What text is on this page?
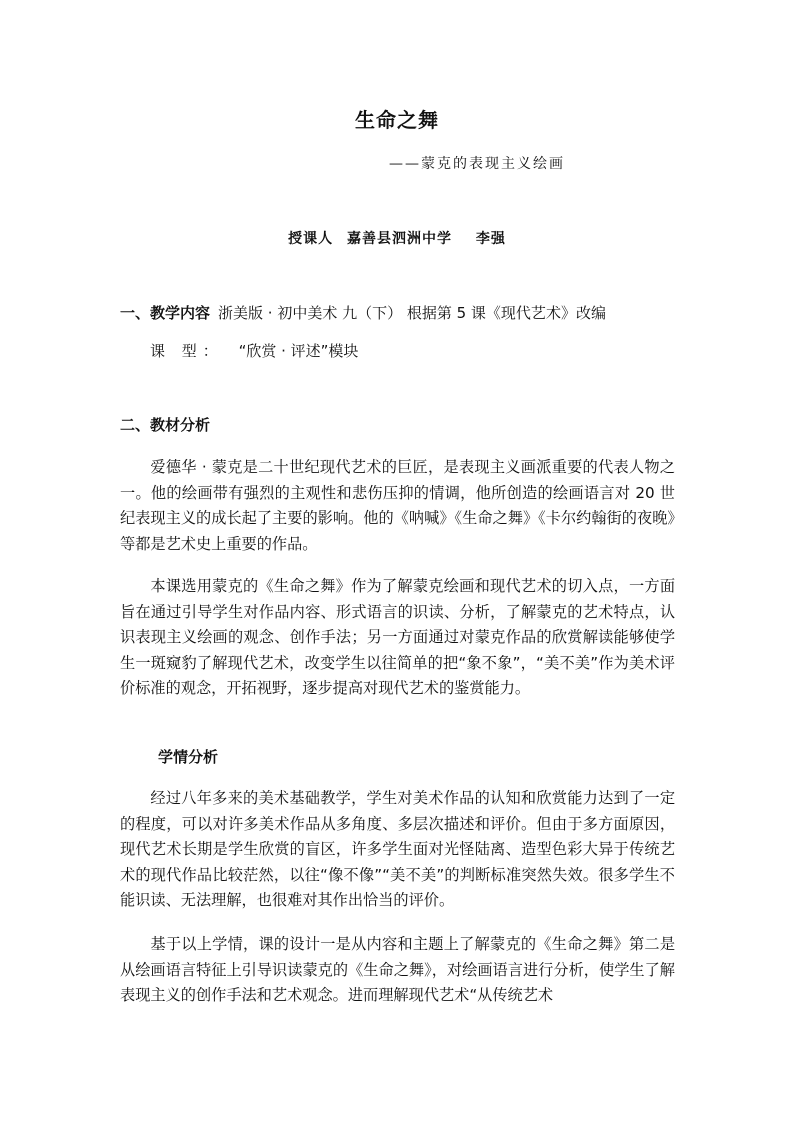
生命之舞
——蒙克的表现主义绘画
授课人 嘉善县泗洲中学 李强
一、教学内容 浙美版 · 初中美术 九（下） 根据第 5 课《现代艺术》改编
课 型： “欣赏 · 评述”模块
二、教材分析

爱德华 · 蒙克是二十世纪现代艺术的巨匠，是表现主义画派重要的代表人物之一。他的绘画带有强烈的主观性和悲伤压抑的情调，他所创造的绘画语言对 20 世纪表现主义的成长起了主要的影响。他的《呐喊》《生命之舞》《卡尔约翰街的夜晚》等都是艺术史上重要的作品。

本课选用蒙克的《生命之舞》作为了解蒙克绘画和现代艺术的切入点，一方面旨在通过引导学生对作品内容、形式语言的识读、分析，了解蒙克的艺术特点，认识表现主义绘画的观念、创作手法；另一方面通过对蒙克作品的欣赏解读能够使学生一斑窥豹了解现代艺术，改变学生以往简单的把“象不象”，“美不美”作为美术评价标准的观念，开拓视野，逐步提高对现代艺术的鉴赏能力。

学情分析

经过八年多来的美术基础教学，学生对美术作品的认知和欣赏能力达到了一定的程度，可以对许多美术作品从多角度、多层次描述和评价。但由于多方面原因，现代艺术长期是学生欣赏的盲区，许多学生面对光怪陆离、造型色彩大异于传统艺术的现代作品比较茫然，以往“像不像”“美不美”的判断标准突然失效。很多学生不能识读、无法理解，也很难对其作出恰当的评价。

基于以上学情，课的设计一是从内容和主题上了解蒙克的《生命之舞》第二是从绘画语言特征上引导识读蒙克的《生命之舞》，对绘画语言进行分析，使学生了解表现主义的创作手法和艺术观念。进而理解现代艺术“从传统艺术
